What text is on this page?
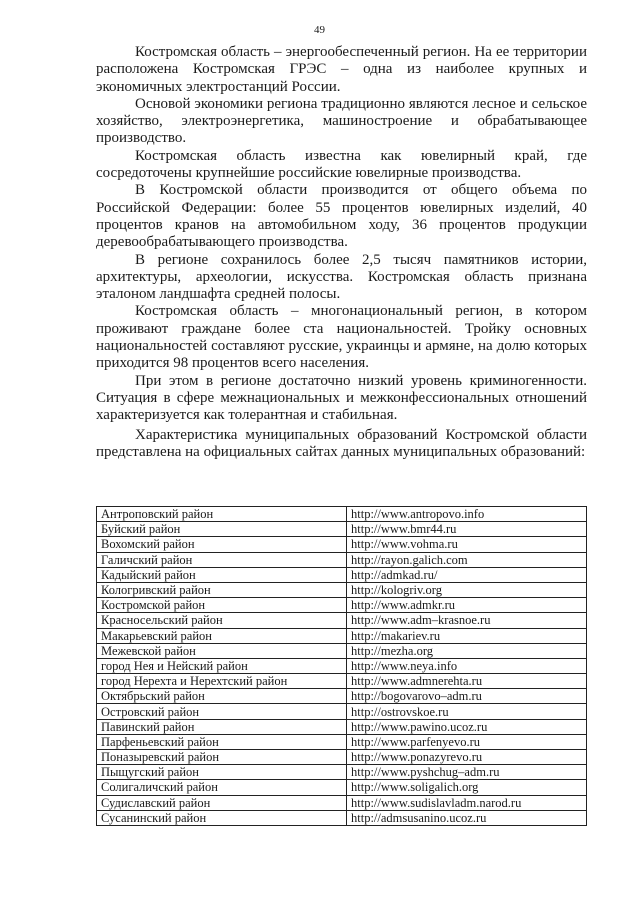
49

Костромская область – энергообеспеченный регион. На ее территории расположена Костромская ГРЭС – одна из наиболее крупных и экономичных электростанций России.

Основой экономики региона традиционно являются лесное и сельское хозяйство, электроэнергетика, машиностроение и обрабатывающее производство.

Костромская область известна как ювелирный край, где сосредоточены крупнейшие российские ювелирные производства.

В Костромской области производится от общего объема по Российской Федерации: более 55 процентов ювелирных изделий, 40 процентов кранов на автомобильном ходу, 36 процентов продукции деревообрабатывающего производства.

В регионе сохранилось более 2,5 тысяч памятников истории, архитектуры, археологии, искусства. Костромская область признана эталоном ландшафта средней полосы.

Костромская область – многонациональный регион, в котором проживают граждане более ста национальностей. Тройку основных национальностей составляют русские, украинцы и армяне, на долю которых приходится 98 процентов всего населения.

При этом в регионе достаточно низкий уровень криминогенности. Ситуация в сфере межнациональных и межконфессиональных отношений характеризуется как толерантная и стабильная.

Характеристика муниципальных образований Костромской области представлена на официальных сайтах данных муниципальных образований:

Антроповский район	http://www.antropovo.info
Буйский район	http://www.bmr44.ru
Вохомский район	http://www.vohma.ru
Галичский район	http://rayon.galich.com
Кадыйский район	http://admkad.ru/
Кологривский район	http://kologriv.org
Костромской район	http://www.admkr.ru
Красносельский район	http://www.adm–krasnoe.ru
Макарьевский район	http://makariev.ru
Межевской район	http://mezha.org
город Нея и Нейский район	http://www.neya.info
город Нерехта и Нерехтский район	http://www.admnerehta.ru
Октябрьский район	http://bogovarovo–adm.ru
Островский район	http://ostrovskoe.ru
Павинский район	http://www.pawino.ucoz.ru
Парфеньевский район	http://www.parfenyevo.ru
Поназыревский район	http://www.ponazyrevo.ru
Пыщугский район	http://www.pyshchug–adm.ru
Солигаличский район	http://www.soligalich.org
Судиславский район	http://www.sudislavladm.narod.ru
Сусанинский район	http://admsusanino.ucoz.ru
